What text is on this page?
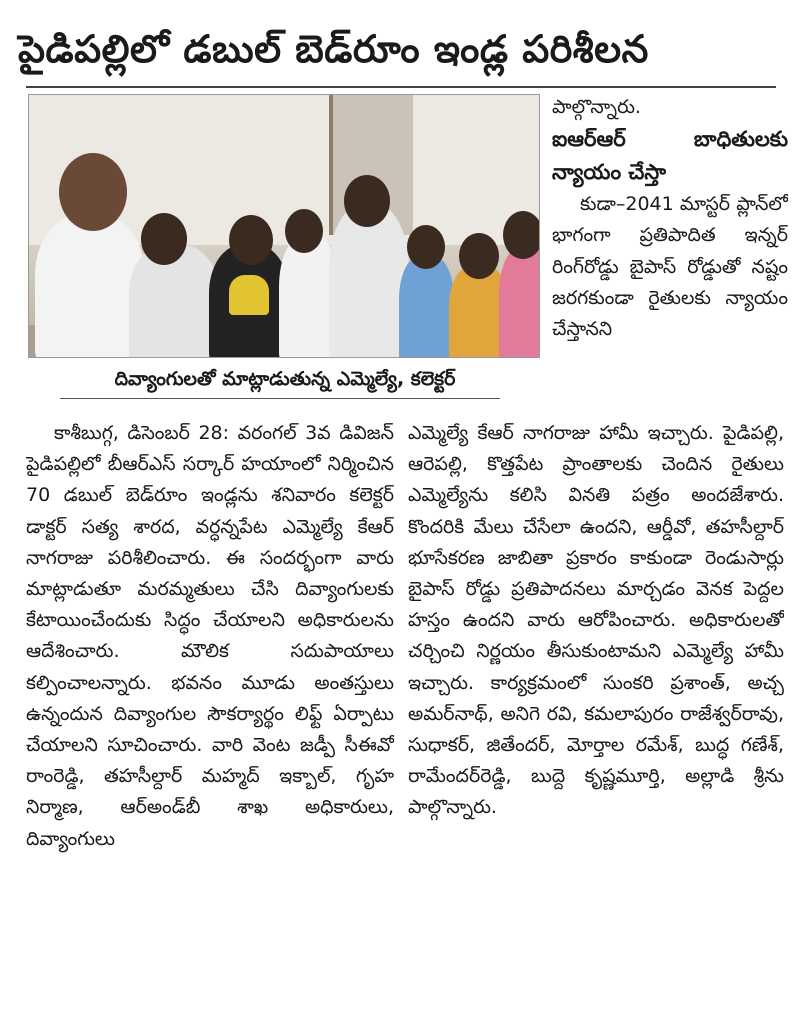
పైడిపల్లిలో డబుల్ బెడ్‌రూం ఇండ్ల పరిశీలన

పాల్గొన్నారు.

ఐఆర్‌ఆర్ బాధితులకు న్యాయం చేస్తా

కుడా–2041 మాస్టర్ ప్లాన్‌లో భాగంగా ప్రతిపాదిత ఇన్నర్ రింగ్‌రోడ్డు బైపాస్ రోడ్డుతో నష్టం జరగకుండా రైతులకు న్యాయం చేస్తానని

దివ్యాంగులతో మాట్లాడుతున్న ఎమ్మెల్యే, కలెక్టర్
కాశీబుగ్గ, డిసెంబర్ 28: వరంగల్ 3వ డివిజన్ పైడిపల్లిలో బీఆర్‌ఎస్ సర్కార్ హయాంలో నిర్మించిన 70 డబుల్ బెడ్‌రూం ఇండ్లను శనివారం కలెక్టర్ డాక్టర్ సత్య శారద, వర్ధన్నపేట ఎమ్మెల్యే కేఆర్ నాగరాజు పరిశీలించారు. ఈ సందర్భంగా వారు మాట్లాడుతూ మరమ్మతులు చేసి దివ్యాంగులకు కేటాయించేందుకు సిద్ధం చేయాలని అధికారులను ఆదేశించారు. మౌలిక సదుపాయాలు కల్పించాలన్నారు. భవనం మూడు అంతస్తులు ఉన్నందున దివ్యాంగుల సౌకర్యార్థం లిఫ్ట్ ఏర్పాటు చేయాలని సూచించారు. వారి వెంట జడ్పీ సీఈవో రాంరెడ్డి, తహసీల్దార్ మహ్మద్ ఇక్బాల్, గృహ నిర్మాణ, ఆర్‌అండ్‌బీ శాఖ అధికారులు, దివ్యాంగులు
ఎమ్మెల్యే కేఆర్ నాగరాజు హామీ ఇచ్చారు. పైడిపల్లి, ఆరెపల్లి, కొత్తపేట ప్రాంతాలకు చెందిన రైతులు ఎమ్మెల్యేను కలిసి వినతి పత్రం అందజేశారు. కొందరికి మేలు చేసేలా ఉందని, ఆర్డీవో, తహసీల్దార్ భూసేకరణ జాబితా ప్రకారం కాకుండా రెండుసార్లు బైపాస్ రోడ్డు ప్రతిపాదనలు మార్చడం వెనక పెద్దల హస్తం ఉందని వారు ఆరోపించారు. అధికారులతో చర్చించి నిర్ణయం తీసుకుంటామని ఎమ్మెల్యే హామీ ఇచ్చారు. కార్యక్రమంలో సుంకరి ప్రశాంత్, అచ్చ అమర్‌నాథ్, అనిగె రవి, కమలాపురం రాజేశ్వర్‌రావు, సుధాకర్, జితేందర్, మోర్తాల రమేశ్, బుద్ధ గణేశ్, రామేందర్‌రెడ్డి, బుద్దె కృష్ణమూర్తి, అల్లాడి శ్రీను పాల్గొన్నారు.
